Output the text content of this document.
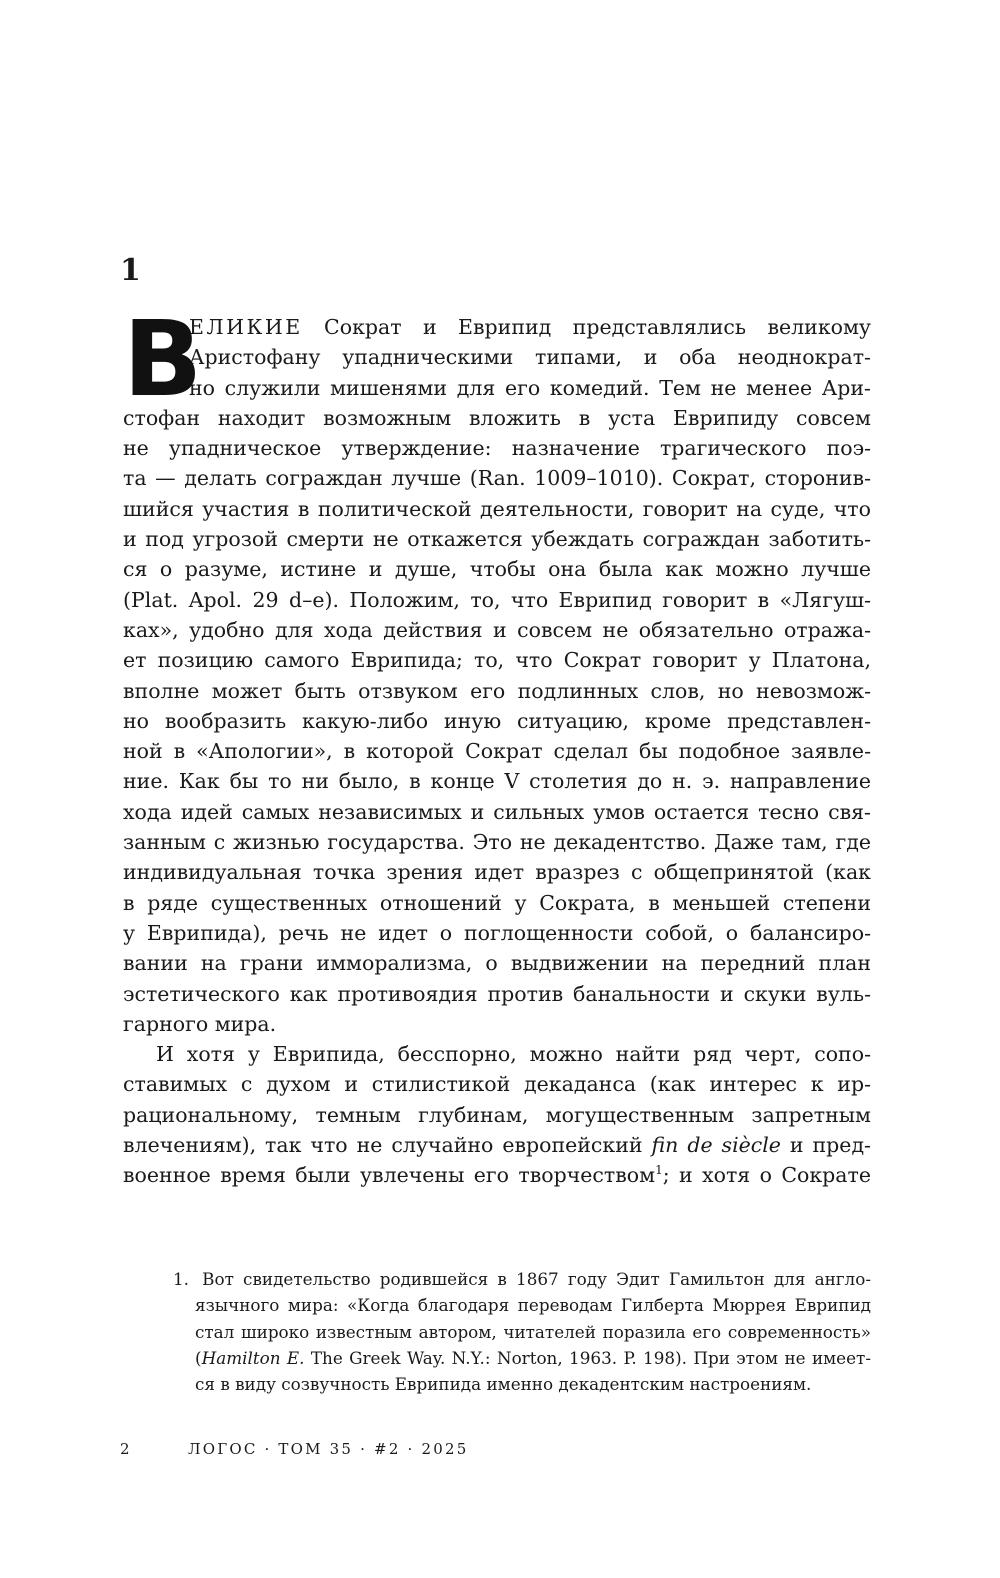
1
В
ЕЛИКИЕ Сократ и Еврипид представлялись великому
Аристофану упадническими типами, и оба неоднократ-
но служили мишенями для его комедий. Тем не менее Ари-
стофан находит возможным вложить в уста Еврипиду совсем
не упадническое утверждение: назначение трагического поэ-
та — делать сограждан лучше (Ran. 1009–1010). Сократ, сторонив-
шийся участия в политической деятельности, говорит на суде, что
и под угрозой смерти не откажется убеждать сограждан заботить-
ся о разуме, истине и душе, чтобы она была как можно лучше
(Plat. Apol. 29 d–e). Положим, то, что Еврипид говорит в «Лягуш-
ках», удобно для хода действия и совсем не обязательно отража-
ет позицию самого Еврипида; то, что Сократ говорит у Платона,
вполне может быть отзвуком его подлинных слов, но невозмож-
но вообразить какую-либо иную ситуацию, кроме представлен-
ной в «Апологии», в которой Сократ сделал бы подобное заявле-
ние. Как бы то ни было, в конце V столетия до н. э. направление
хода идей самых независимых и сильных умов остается тесно свя-
занным с жизнью государства. Это не декадентство. Даже там, где
индивидуальная точка зрения идет вразрез с общепринятой (как
в ряде существенных отношений у Сократа, в меньшей степени
у Еврипида), речь не идет о поглощенности собой, о балансиро-
вании на грани имморализма, о выдвижении на передний план
эстетического как противоядия против банальности и скуки вуль-
гарного мира.
И хотя у Еврипида, бесспорно, можно найти ряд черт, сопо-
ставимых с духом и стилистикой декаданса (как интерес к ир-
рациональному, темным глубинам, могущественным запретным
влечениям), так что не случайно европейский fin de siècle и пред-
военное время были увлечены его творчеством$^1$; и хотя о Сократе
1. Вот свидетельство родившейся в 1867 году Эдит Гамильтон для англо-
язычного мира: «Когда благодаря переводам Гилберта Мюррея Еврипид
стал широко известным автором, читателей поразила его современность»
(Hamilton E. The Greek Way. N.Y.: Norton, 1963. P. 198). При этом не имеет-
ся в виду созвучность Еврипида именно декадентским настроениям.
2	ЛОГОС · ТОМ 35 · #2 · 2025
